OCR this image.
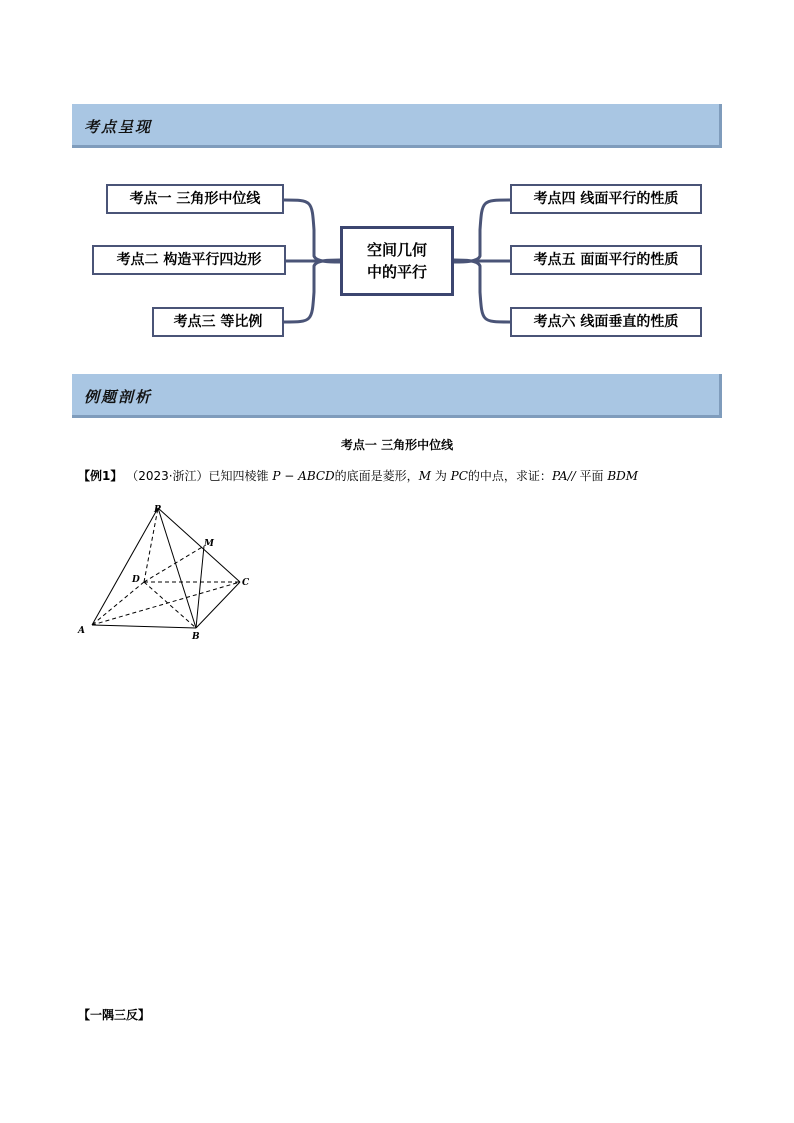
考点呈现
考点一 三角形中位线
考点二 构造平行四边形
考点三 等比例
考点四 线面平行的性质
考点五 面面平行的性质
考点六 线面垂直的性质
空间几何
中的平行
例题剖析
考点一 三角形中位线
【例1】 （2023·浙江）已知四棱锥 P − ABCD的底面是菱形，M 为 PC的中点，求证：PA// 平面 BDM
P
M
D	C
A
B
【一隅三反】
